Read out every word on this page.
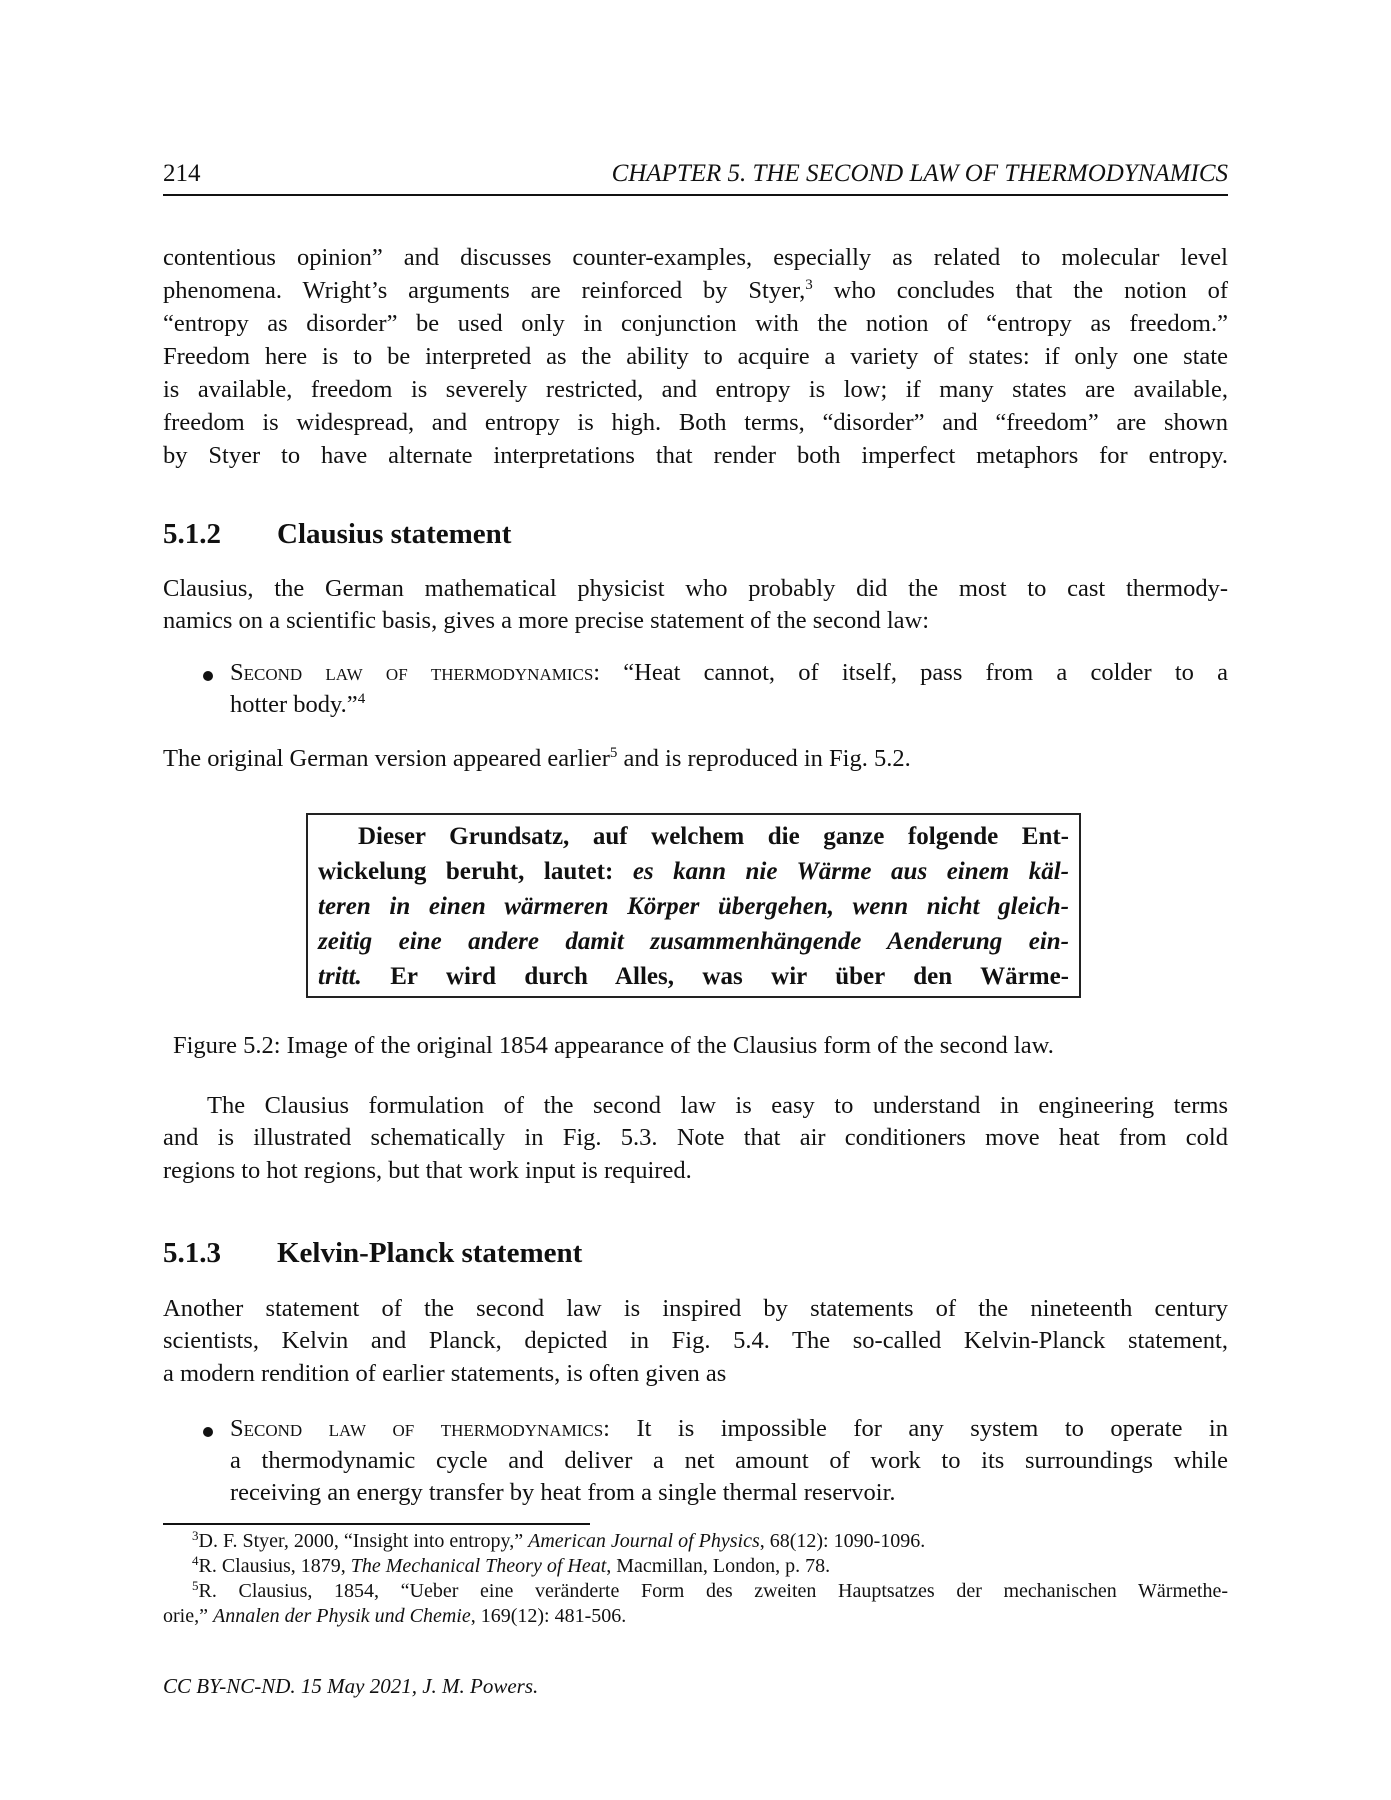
214	CHAPTER 5. THE SECOND LAW OF THERMODYNAMICS
contentious opinion” and discusses counter-examples, especially as related to molecular level
phenomena. Wright’s arguments are reinforced by Styer,$^3$ who concludes that the notion of
“entropy as disorder” be used only in conjunction with the notion of “entropy as freedom.”
Freedom here is to be interpreted as the ability to acquire a variety of states: if only one state
is available, freedom is severely restricted, and entropy is low; if many states are available,
freedom is widespread, and entropy is high. Both terms, “disorder” and “freedom” are shown
by Styer to have alternate interpretations that render both imperfect metaphors for entropy.
5.1.2 Clausius statement
Clausius, the German mathematical physicist who probably did the most to cast thermody-
namics on a scientific basis, gives a more precise statement of the second law:
Second law of thermodynamics: “Heat cannot, of itself, pass from a colder to a
hotter body.”$^4$
The original German version appeared earlier$^5$ and is reproduced in Fig. 5.2.
Dieser Grundsatz, auf welchem die ganze folgende Ent-
wickelung beruht, lautet: es kann nie Wärme aus einem käl-
teren in einen wärmeren Körper übergehen, wenn nicht gleich-
zeitig eine andere damit zusammenhängende Aenderung ein-
tritt. Er wird durch Alles, was wir über den Wärme-
Figure 5.2: Image of the original 1854 appearance of the Clausius form of the second law.
The Clausius formulation of the second law is easy to understand in engineering terms
and is illustrated schematically in Fig. 5.3. Note that air conditioners move heat from cold
regions to hot regions, but that work input is required.
5.1.3 Kelvin-Planck statement
Another statement of the second law is inspired by statements of the nineteenth century
scientists, Kelvin and Planck, depicted in Fig. 5.4. The so-called Kelvin-Planck statement,
a modern rendition of earlier statements, is often given as
Second law of thermodynamics: It is impossible for any system to operate in
a thermodynamic cycle and deliver a net amount of work to its surroundings while
receiving an energy transfer by heat from a single thermal reservoir.
$^3$D. F. Styer, 2000, “Insight into entropy,” American Journal of Physics, 68(12): 1090-1096.
$^4$R. Clausius, 1879, The Mechanical Theory of Heat, Macmillan, London, p. 78.
$^5$R. Clausius, 1854, “Ueber eine veränderte Form des zweiten Hauptsatzes der mechanischen Wärmethe-
orie,” Annalen der Physik und Chemie, 169(12): 481-506.
CC BY-NC-ND. 15 May 2021, J. M. Powers.
